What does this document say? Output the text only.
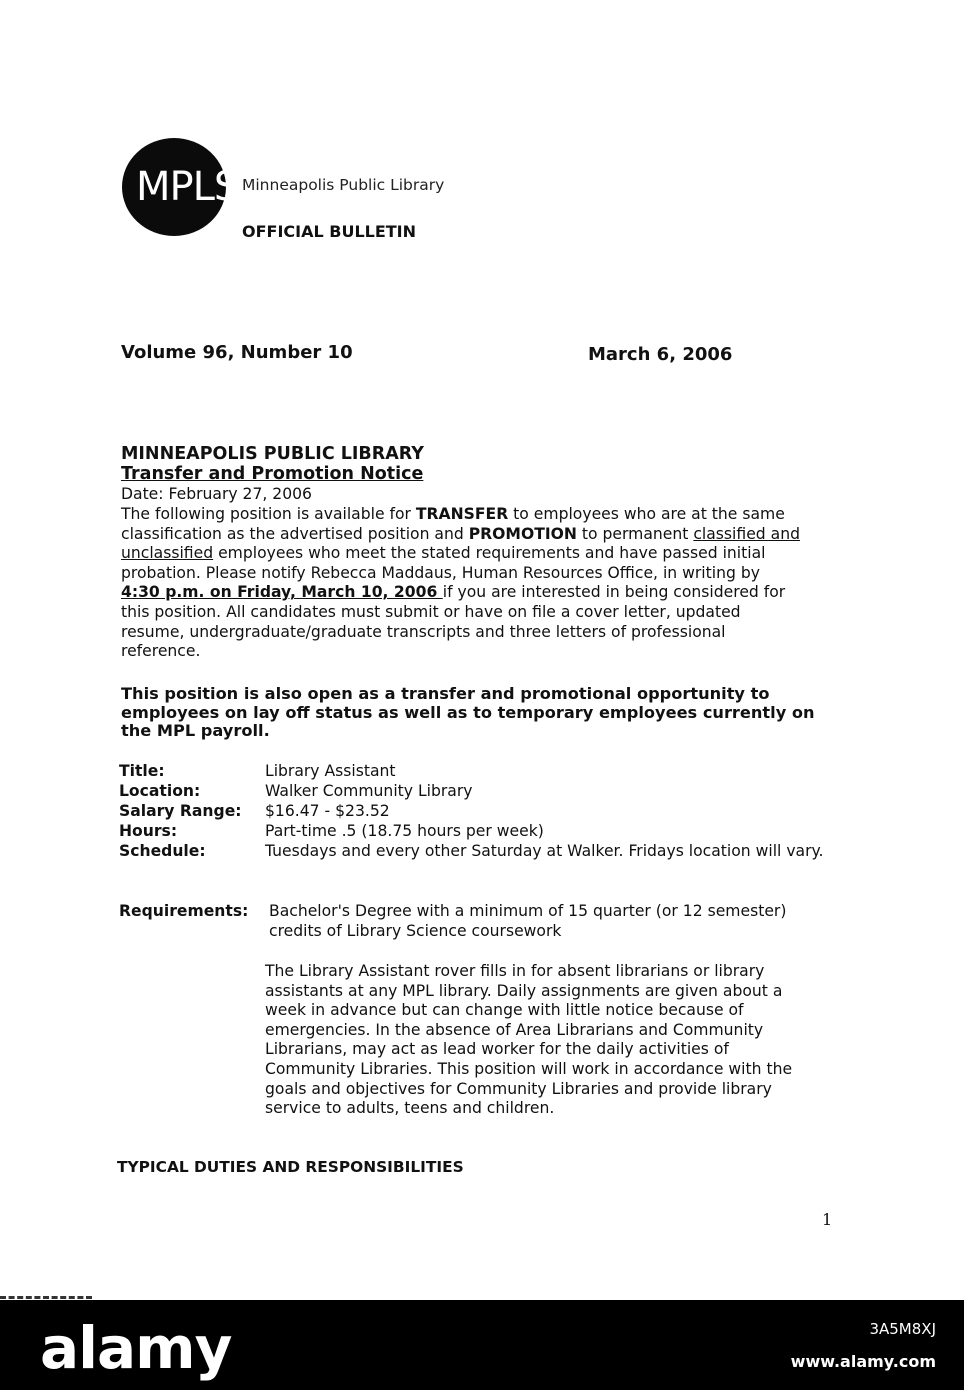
MPLS Minneapolis Public Library
OFFICIAL BULLETIN
Volume 96, Number 10	March 6, 2006
MINNEAPOLIS PUBLIC LIBRARY
Transfer and Promotion Notice
Date: February 27, 2006
The following position is available for TRANSFER to employees who are at the same
classification as the advertised position and PROMOTION to permanent classified and
unclassified employees who meet the stated requirements and have passed initial
probation. Please notify Rebecca Maddaus, Human Resources Office, in writing by
4:30 p.m. on Friday, March 10, 2006 if you are interested in being considered for
this position. All candidates must submit or have on file a cover letter, updated
resume, undergraduate/graduate transcripts and three letters of professional
reference.
This position is also open as a transfer and promotional opportunity to
employees on lay off status as well as to temporary employees currently on
the MPL payroll.
Title:	Library Assistant
Location:	Walker Community Library
Salary Range:	$16.47 - $23.52
Hours:	Part-time .5 (18.75 hours per week)
Schedule:	Tuesdays and every other Saturday at Walker. Fridays location will vary.
Requirements: Bachelor's Degree with a minimum of 15 quarter (or 12 semester) credits of Library Science coursework
The Library Assistant rover fills in for absent librarians or library
assistants at any MPL library. Daily assignments are given about a
week in advance but can change with little notice because of
emergencies. In the absence of Area Librarians and Community
Librarians, may act as lead worker for the daily activities of
Community Libraries. This position will work in accordance with the
goals and objectives for Community Libraries and provide library
service to adults, teens and children.
TYPICAL DUTIES AND RESPONSIBILITIES
1
alamy	3A5M8XJ
www.alamy.com
